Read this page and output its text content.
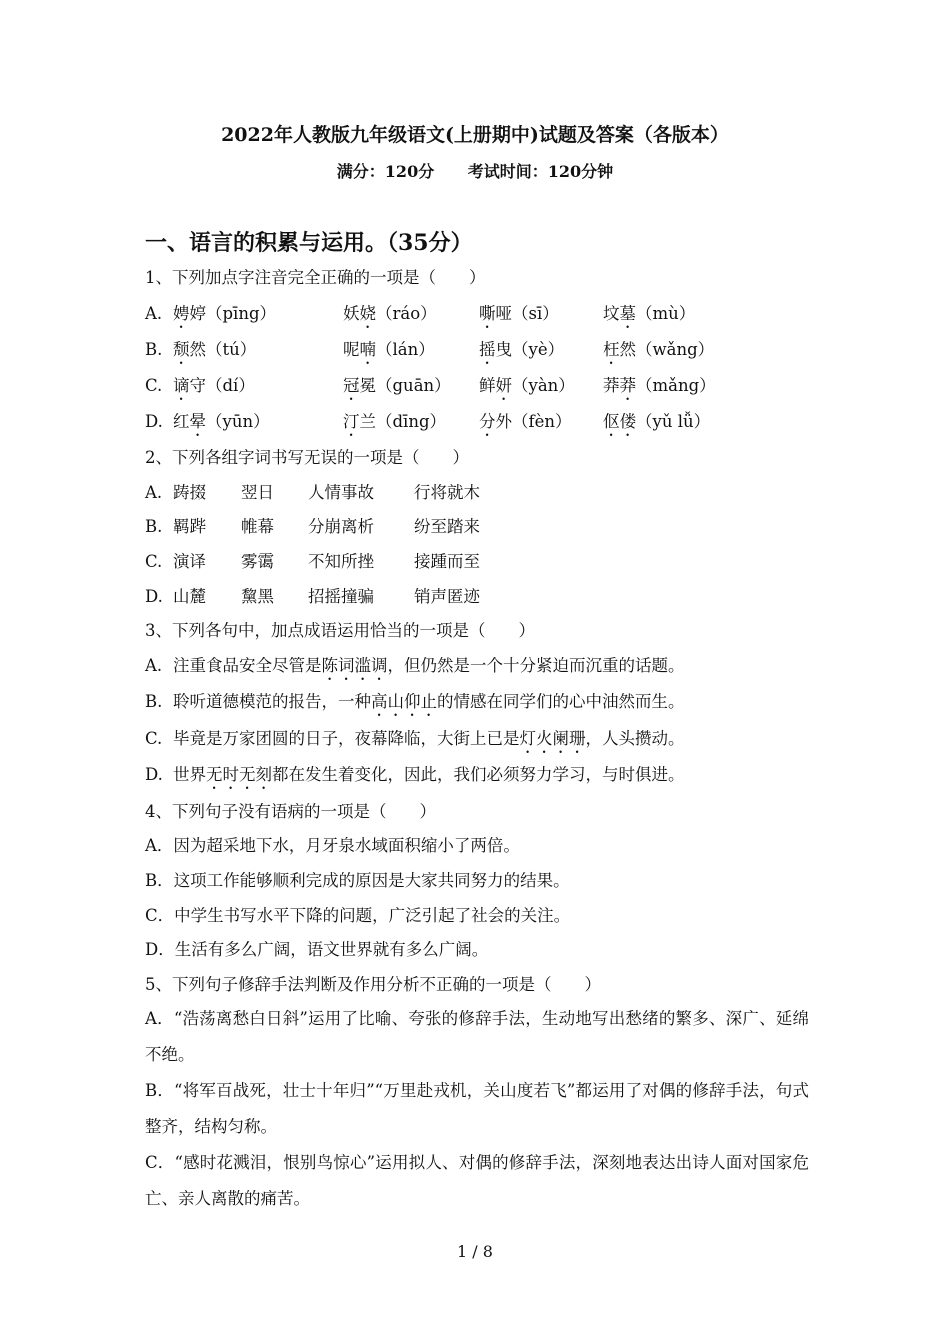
2022年人教版九年级语文(上册期中)试题及答案（各版本）
满分：120分 考试时间：120分钟
一、语言的积累与运用。（35分）
1、下列加点字注音完全正确的一项是（　　）
A. 娉婷（pīng）	妖娆（ráo）	嘶哑（sī）	坟墓（mù）
B. 颓然（tú）	呢喃（lán）	摇曳（yè）	枉然（wǎng）
C. 谪守（dí）	冠冕（guān）	鲜妍（yàn）	莽莽（mǎng）
D. 红晕（yūn）	汀兰（dīng）	分外（fèn）	伛偻（yǔ lǚ）
2、下列各组字词书写无误的一项是（　　）
A. 踌掇	翌日	人情事故	行将就木
B. 羁跸	帷幕	分崩离析	纷至踏来
C. 演译	雾霭	不知所挫	接踵而至
D. 山麓	黧黑	招摇撞骗	销声匿迹
3、下列各句中，加点成语运用恰当的一项是（　　）
A. 注重食品安全尽管是陈词滥调，但仍然是一个十分紧迫而沉重的话题。
B. 聆听道德模范的报告，一种高山仰止的情感在同学们的心中油然而生。
C. 毕竟是万家团圆的日子，夜幕降临，大街上已是灯火阑珊，人头攒动。
D. 世界无时无刻都在发生着变化，因此，我们必须努力学习，与时俱进。
4、下列句子没有语病的一项是（　　）
A．因为超采地下水，月牙泉水域面积缩小了两倍。
B．这项工作能够顺利完成的原因是大家共同努力的结果。
C．中学生书写水平下降的问题，广泛引起了社会的关注。
D．生活有多么广阔，语文世界就有多么广阔。
5、下列句子修辞手法判断及作用分析不正确的一项是（　　）
A．“浩荡离愁白日斜”运用了比喻、夸张的修辞手法，生动地写出愁绪的繁多、深广、延绵不绝。
B．“将军百战死，壮士十年归”“万里赴戎机，关山度若飞”都运用了对偶的修辞手法，句式整齐，结构匀称。
C．“感时花溅泪，恨别鸟惊心”运用拟人、对偶的修辞手法，深刻地表达出诗人面对国家危亡、亲人离散的痛苦。
1 / 8
